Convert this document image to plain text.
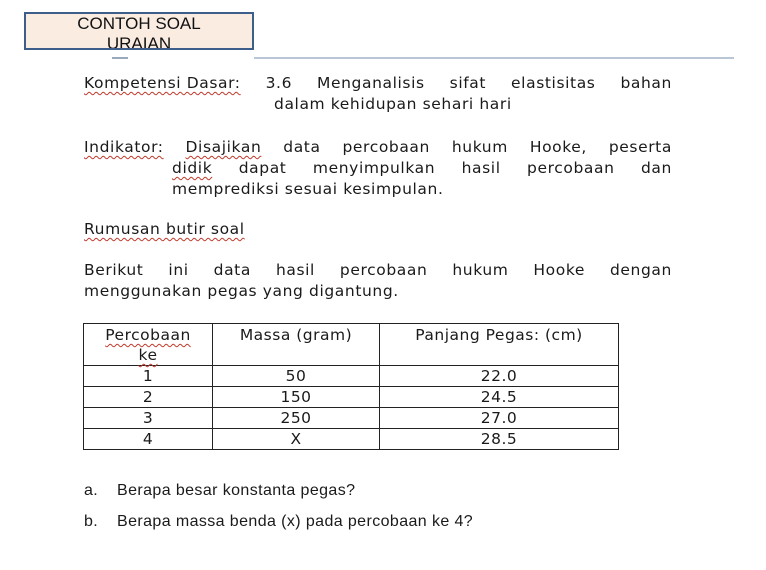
CONTOH SOAL
URAIAN
Kompetensi Dasar: 3.6 Menganalisis sifat elastisitas bahan
dalam kehidupan sehari hari
Indikator: Disajikan data percobaan hukum Hooke, peserta
didik dapat menyimpulkan hasil percobaan dan
memprediksi sesuai kesimpulan.
Rumusan butir soal
Berikut ini data hasil percobaan hukum Hooke dengan
menggunakan pegas yang digantung.
Percobaan ke	Massa (gram)	Panjang Pegas: (cm)
1	50	22.0
2	150	24.5
3	250	27.0
4	X	28.5
a. Berapa besar konstanta pegas?
b. Berapa massa benda (x) pada percobaan ke 4?
